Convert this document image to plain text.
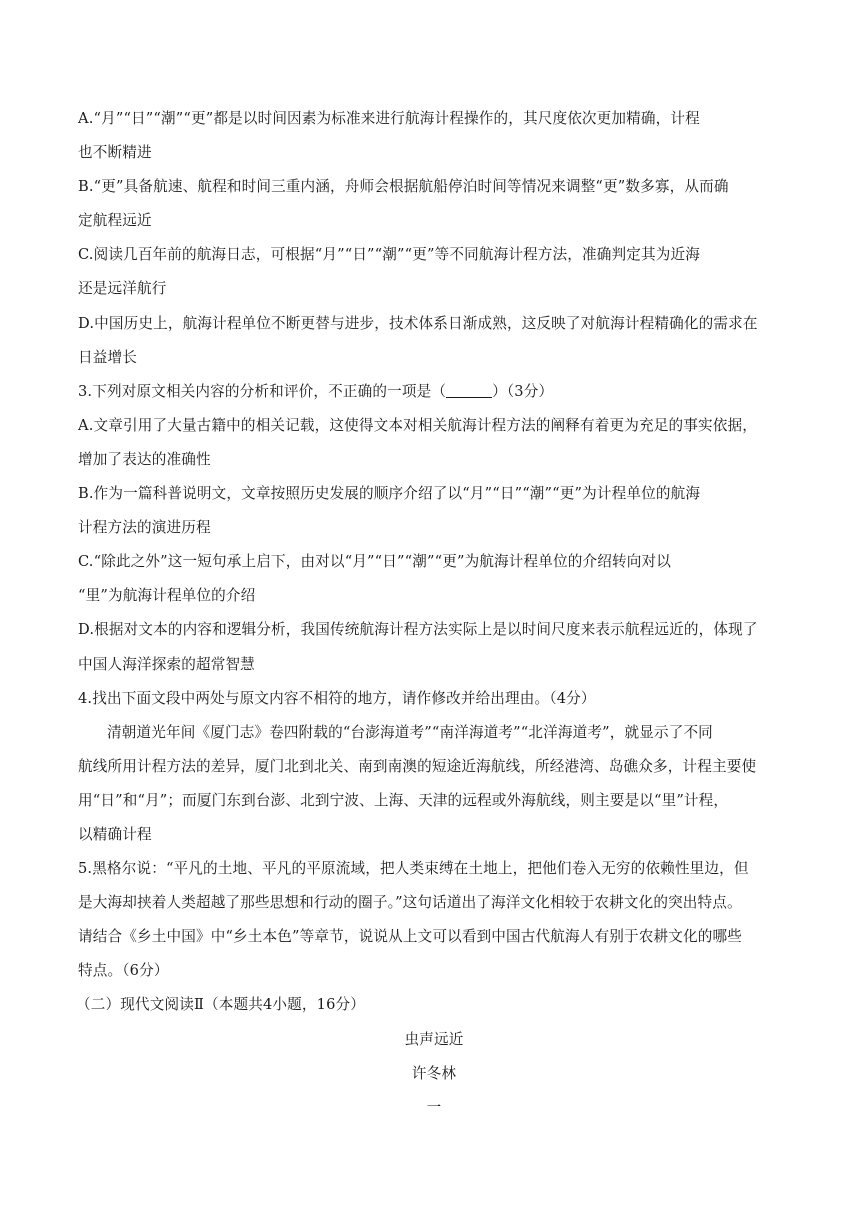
A.“月”“日”“潮”“更”都是以时间因素为标准来进行航海计程操作的，其尺度依次更加精确，计程
也不断精进
B.“更”具备航速、航程和时间三重内涵，舟师会根据航船停泊时间等情况来调整“更”数多寡，从而确
定航程远近
C.阅读几百年前的航海日志，可根据“月”“日”“潮”“更”等不同航海计程方法，准确判定其为近海
还是远洋航行
D.中国历史上，航海计程单位不断更替与进步，技术体系日渐成熟，这反映了对航海计程精确化的需求在
日益增长
3.下列对原文相关内容的分析和评价，不正确的一项是（	）（3分）
A.文章引用了大量古籍中的相关记载，这使得文本对相关航海计程方法的阐释有着更为充足的事实依据，
增加了表达的准确性
B.作为一篇科普说明文，文章按照历史发展的顺序介绍了以“月”“日”“潮”“更”为计程单位的航海
计程方法的演进历程
C.“除此之外”这一短句承上启下，由对以“月”“日”“潮”“更”为航海计程单位的介绍转向对以
“里”为航海计程单位的介绍
D.根据对文本的内容和逻辑分析，我国传统航海计程方法实际上是以时间尺度来表示航程远近的，体现了
中国人海洋探索的超常智慧
4.找出下面文段中两处与原文内容不相符的地方，请作修改并给出理由。（4分）
清朝道光年间《厦门志》卷四附载的“台澎海道考”“南洋海道考”“北洋海道考”，就显示了不同
航线所用计程方法的差异，厦门北到北关、南到南澳的短途近海航线，所经港湾、岛礁众多，计程主要使
用“日”和“月”；而厦门东到台澎、北到宁波、上海、天津的远程或外海航线，则主要是以“里”计程，
以精确计程
5.黑格尔说：“平凡的土地、平凡的平原流域，把人类束缚在土地上，把他们卷入无穷的依赖性里边，但
是大海却挟着人类超越了那些思想和行动的圈子。”这句话道出了海洋文化相较于农耕文化的突出特点。
请结合《乡土中国》中“乡土本色”等章节，说说从上文可以看到中国古代航海人有别于农耕文化的哪些
特点。（6分）
（二）现代文阅读Ⅱ（本题共4小题，16分）
虫声远近
许冬林
一
